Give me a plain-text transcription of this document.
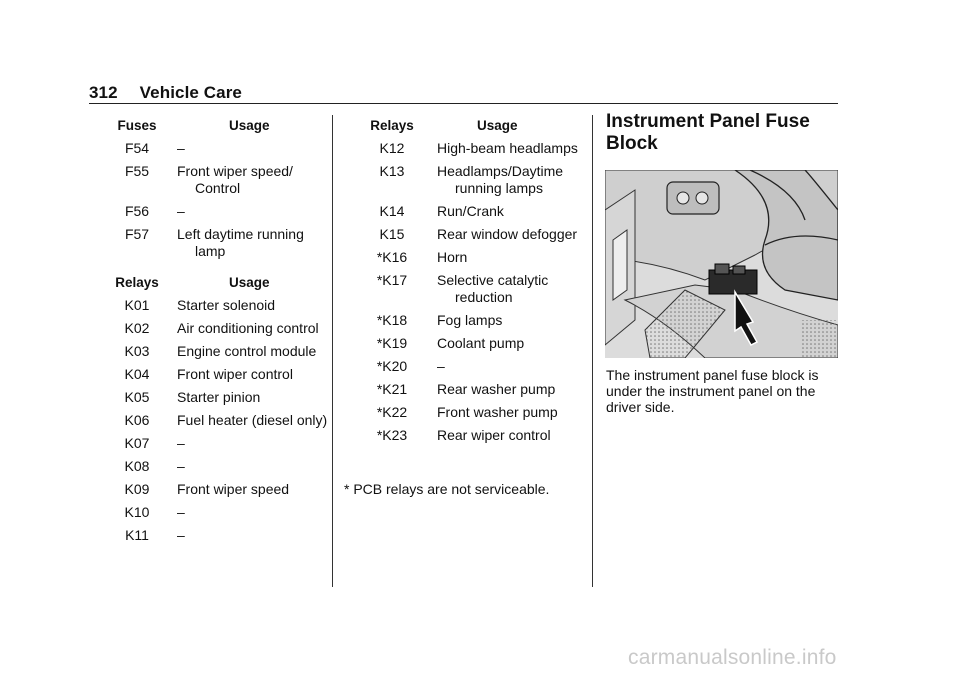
312 Vehicle Care
Fuses	Usage
F54	–
F55	Front wiper speed/ Control
F56	–
F57	Left daytime running lamp
Relays	Usage
K01	Starter solenoid
K02	Air conditioning control
K03	Engine control module
K04	Front wiper control
K05	Starter pinion
K06	Fuel heater (diesel only)
K07	–
K08	–
K09	Front wiper speed
K10	–
K11	–
Relays	Usage
K12	High-beam headlamps
K13	Headlamps/Daytime running lamps
K14	Run/Crank
K15	Rear window defogger
*K16	Horn
*K17	Selective catalytic reduction
*K18	Fog lamps
*K19	Coolant pump
*K20	–
*K21	Rear washer pump
*K22	Front washer pump
*K23	Rear wiper control
* PCB relays are not serviceable.
Instrument Panel Fuse Block
The instrument panel fuse block is under the instrument panel on the driver side.
carmanualsonline.info
